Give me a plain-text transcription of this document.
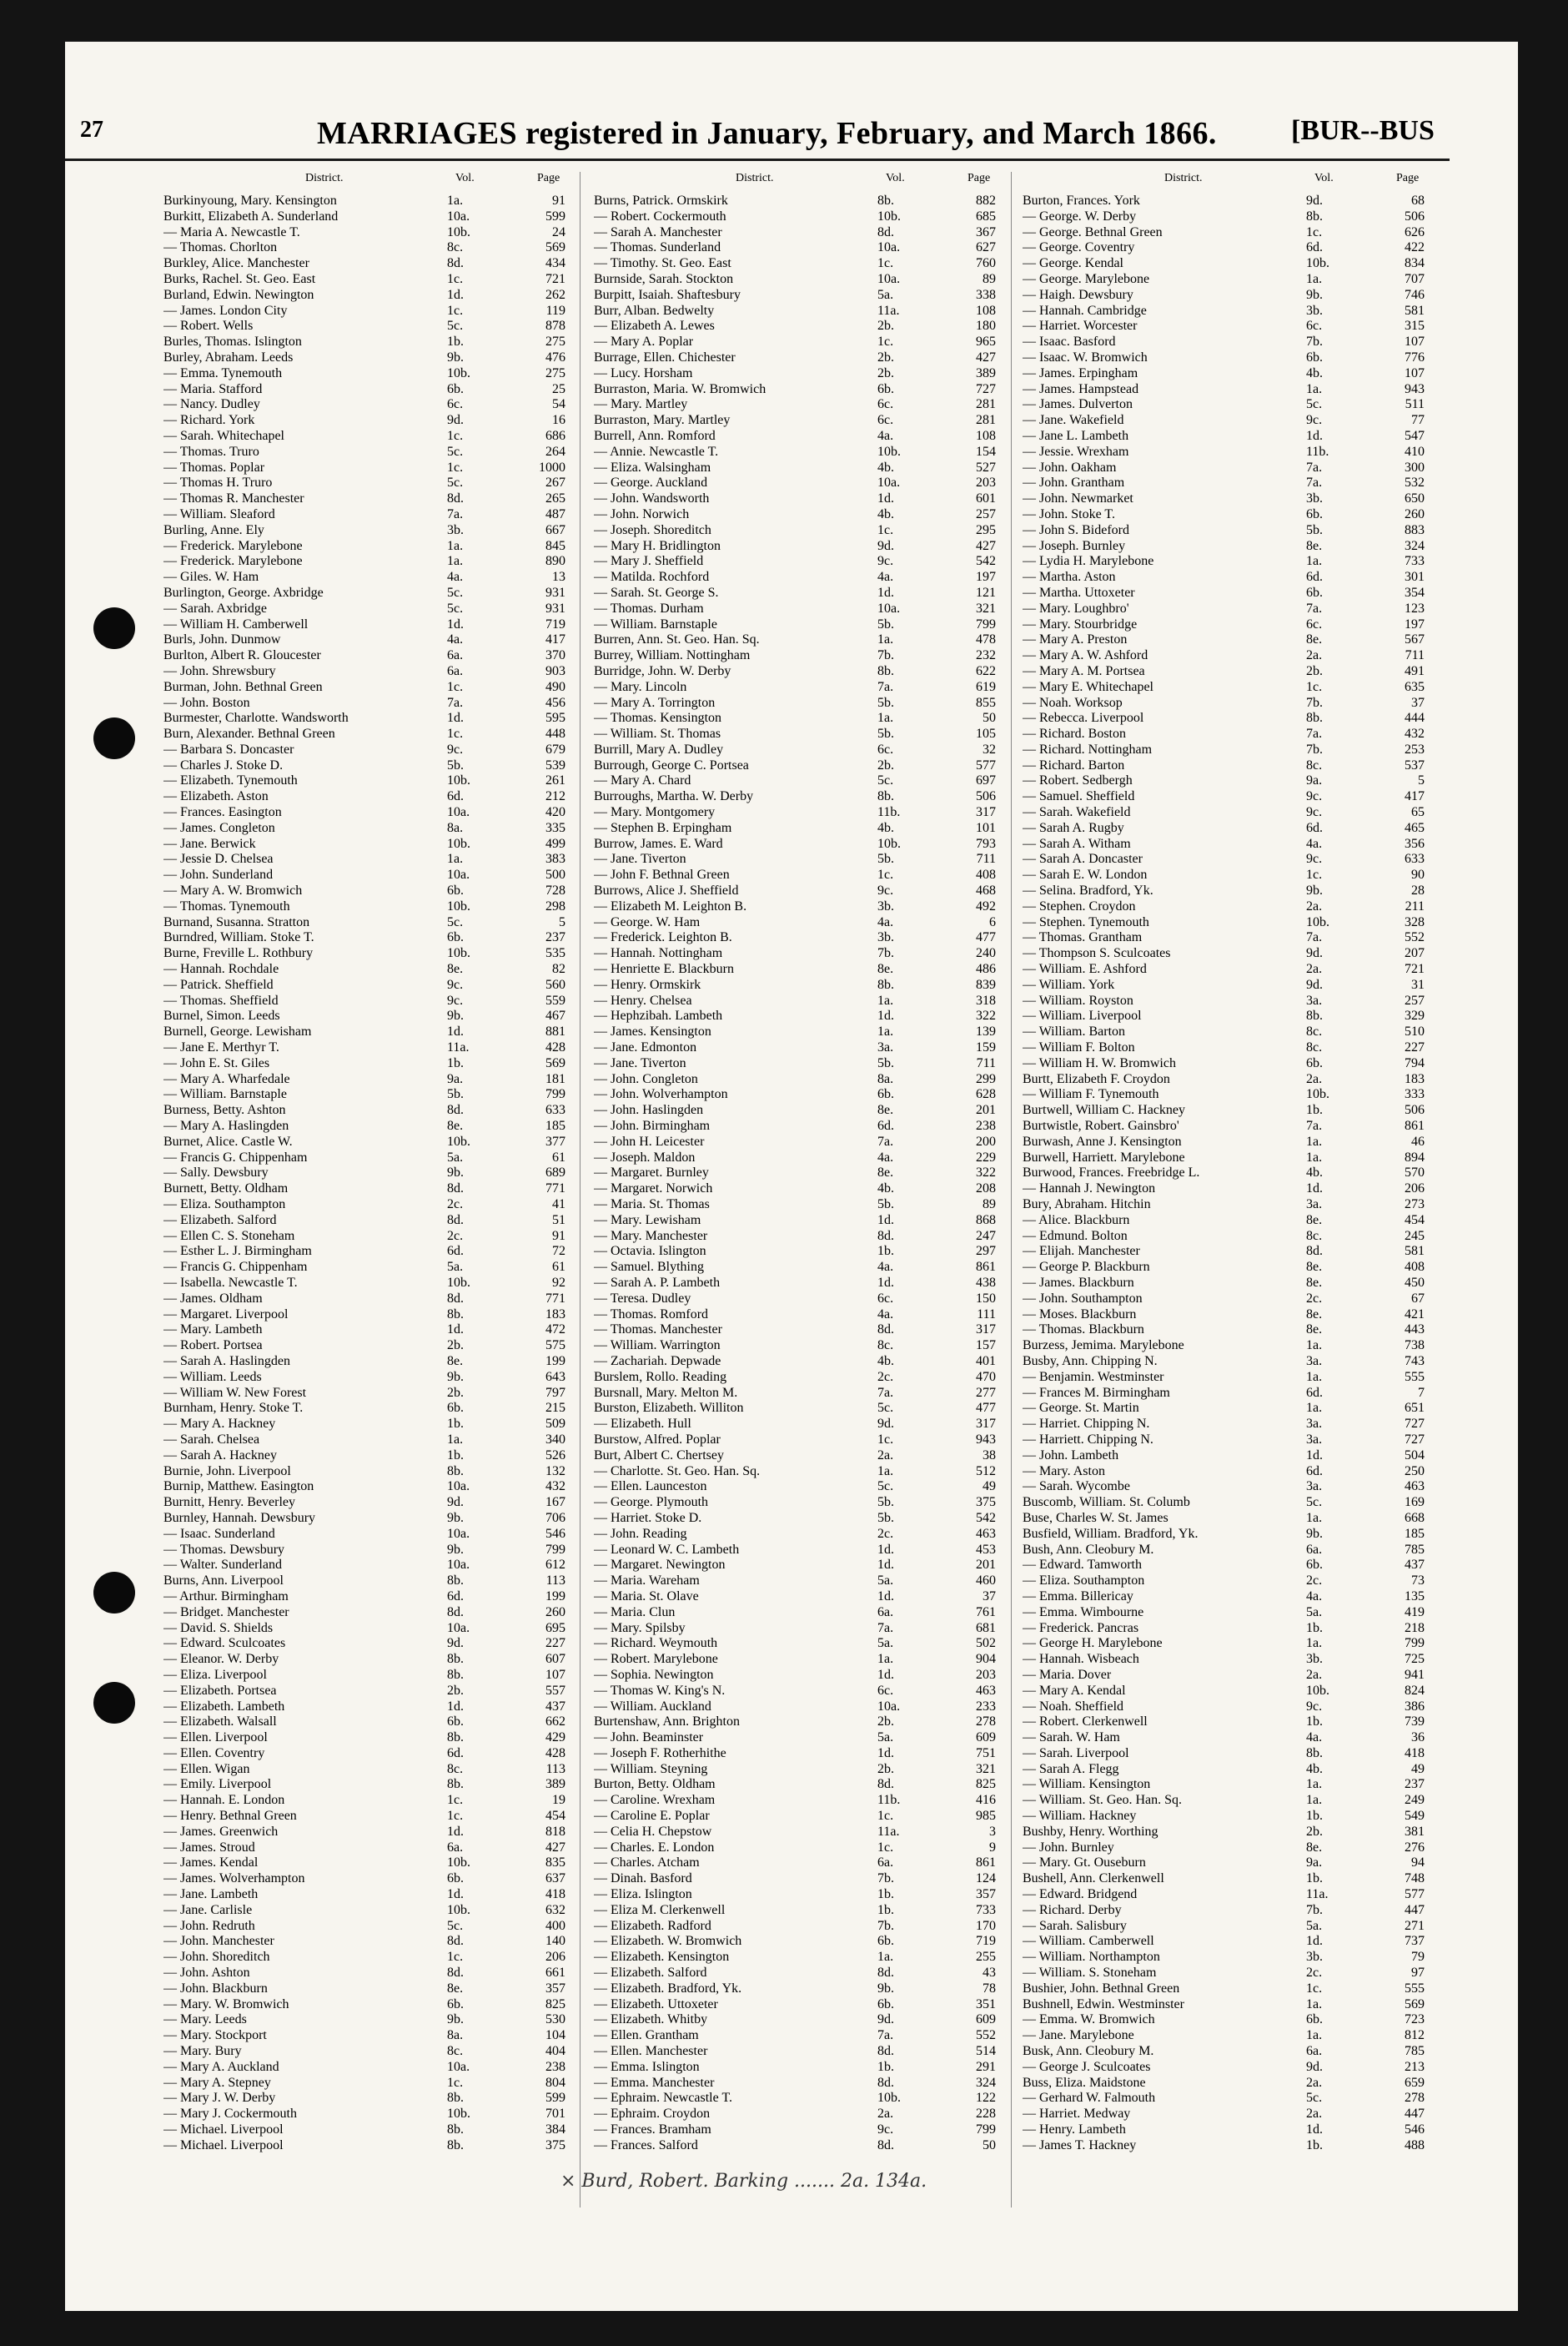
27	MARRIAGES registered in January, February, and March 1866.	[BUR--BUS
District.	Vol.	Page
Burkinyoung, Mary. Kensington	1a.	91
Burkitt, Elizabeth A. Sunderland	10a.	599
— Maria A. Newcastle T.	10b.	24
— Thomas. Chorlton	8c.	569
Burkley, Alice. Manchester	8d.	434
Burks, Rachel. St. Geo. East	1c.	721
Burland, Edwin. Newington	1d.	262
— James. London City	1c.	119
— Robert. Wells	5c.	878
Burles, Thomas. Islington	1b.	275
Burley, Abraham. Leeds	9b.	476
— Emma. Tynemouth	10b.	275
— Maria. Stafford	6b.	25
— Nancy. Dudley	6c.	54
— Richard. York	9d.	16
— Sarah. Whitechapel	1c.	686
— Thomas. Truro	5c.	264
— Thomas. Poplar	1c.	1000
— Thomas H. Truro	5c.	267
— Thomas R. Manchester	8d.	265
— William. Sleaford	7a.	487
Burling, Anne. Ely	3b.	667
— Frederick. Marylebone	1a.	845
— Frederick. Marylebone	1a.	890
— Giles. W. Ham	4a.	13
Burlington, George. Axbridge	5c.	931
— Sarah. Axbridge	5c.	931
— William H. Camberwell	1d.	719
Burls, John. Dunmow	4a.	417
Burlton, Albert R. Gloucester	6a.	370
— John. Shrewsbury	6a.	903
Burman, John. Bethnal Green	1c.	490
— John. Boston	7a.	456
Burmester, Charlotte. Wandsworth	1d.	595
Burn, Alexander. Bethnal Green	1c.	448
— Barbara S. Doncaster	9c.	679
— Charles J. Stoke D.	5b.	539
— Elizabeth. Tynemouth	10b.	261
— Elizabeth. Aston	6d.	212
— Frances. Easington	10a.	420
— James. Congleton	8a.	335
— Jane. Berwick	10b.	499
— Jessie D. Chelsea	1a.	383
— John. Sunderland	10a.	500
— Mary A. W. Bromwich	6b.	728
— Thomas. Tynemouth	10b.	298
Burnand, Susanna. Stratton	5c.	5
Burndred, William. Stoke T.	6b.	237
Burne, Freville L. Rothbury	10b.	535
— Hannah. Rochdale	8e.	82
— Patrick. Sheffield	9c.	560
— Thomas. Sheffield	9c.	559
Burnel, Simon. Leeds	9b.	467
Burnell, George. Lewisham	1d.	881
— Jane E. Merthyr T.	11a.	428
— John E. St. Giles	1b.	569
— Mary A. Wharfedale	9a.	181
— William. Barnstaple	5b.	799
Burness, Betty. Ashton	8d.	633
— Mary A. Haslingden	8e.	185
Burnet, Alice. Castle W.	10b.	377
— Francis G. Chippenham	5a.	61
— Sally. Dewsbury	9b.	689
Burnett, Betty. Oldham	8d.	771
— Eliza. Southampton	2c.	41
— Elizabeth. Salford	8d.	51
— Ellen C. S. Stoneham	2c.	91
— Esther L. J. Birmingham	6d.	72
— Francis G. Chippenham	5a.	61
— Isabella. Newcastle T.	10b.	92
— James. Oldham	8d.	771
— Margaret. Liverpool	8b.	183
— Mary. Lambeth	1d.	472
— Robert. Portsea	2b.	575
— Sarah A. Haslingden	8e.	199
— William. Leeds	9b.	643
— William W. New Forest	2b.	797
Burnham, Henry. Stoke T.	6b.	215
— Mary A. Hackney	1b.	509
— Sarah. Chelsea	1a.	340
— Sarah A. Hackney	1b.	526
Burnie, John. Liverpool	8b.	132
Burnip, Matthew. Easington	10a.	432
Burnitt, Henry. Beverley	9d.	167
Burnley, Hannah. Dewsbury	9b.	706
— Isaac. Sunderland	10a.	546
— Thomas. Dewsbury	9b.	799
— Walter. Sunderland	10a.	612
Burns, Ann. Liverpool	8b.	113
— Arthur. Birmingham	6d.	199
— Bridget. Manchester	8d.	260
— David. S. Shields	10a.	695
— Edward. Sculcoates	9d.	227
— Eleanor. W. Derby	8b.	607
— Eliza. Liverpool	8b.	107
— Elizabeth. Portsea	2b.	557
— Elizabeth. Lambeth	1d.	437
— Elizabeth. Walsall	6b.	662
— Ellen. Liverpool	8b.	429
— Ellen. Coventry	6d.	428
— Ellen. Wigan	8c.	113
— Emily. Liverpool	8b.	389
— Hannah. E. London	1c.	19
— Henry. Bethnal Green	1c.	454
— James. Greenwich	1d.	818
— James. Stroud	6a.	427
— James. Kendal	10b.	835
— James. Wolverhampton	6b.	637
— Jane. Lambeth	1d.	418
— Jane. Carlisle	10b.	632
— John. Redruth	5c.	400
— John. Manchester	8d.	140
— John. Shoreditch	1c.	206
— John. Ashton	8d.	661
— John. Blackburn	8e.	357
— Mary. W. Bromwich	6b.	825
— Mary. Leeds	9b.	530
— Mary. Stockport	8a.	104
— Mary. Bury	8c.	404
— Mary A. Auckland	10a.	238
— Mary A. Stepney	1c.	804
— Mary J. W. Derby	8b.	599
— Mary J. Cockermouth	10b.	701
— Michael. Liverpool	8b.	384
— Michael. Liverpool	8b.	375
District.	Vol.	Page
Burns, Patrick. Ormskirk	8b.	882
— Robert. Cockermouth	10b.	685
— Sarah A. Manchester	8d.	367
— Thomas. Sunderland	10a.	627
— Timothy. St. Geo. East	1c.	760
Burnside, Sarah. Stockton	10a.	89
Burpitt, Isaiah. Shaftesbury	5a.	338
Burr, Alban. Bedwelty	11a.	108
— Elizabeth A. Lewes	2b.	180
— Mary A. Poplar	1c.	965
Burrage, Ellen. Chichester	2b.	427
— Lucy. Horsham	2b.	389
Burraston, Maria. W. Bromwich	6b.	727
— Mary. Martley	6c.	281
Burraston, Mary. Martley	6c.	281
Burrell, Ann. Romford	4a.	108
— Annie. Newcastle T.	10b.	154
— Eliza. Walsingham	4b.	527
— George. Auckland	10a.	203
— John. Wandsworth	1d.	601
— John. Norwich	4b.	257
— Joseph. Shoreditch	1c.	295
— Mary H. Bridlington	9d.	427
— Mary J. Sheffield	9c.	542
— Matilda. Rochford	4a.	197
— Sarah. St. George S.	1d.	121
— Thomas. Durham	10a.	321
— William. Barnstaple	5b.	799
Burren, Ann. St. Geo. Han. Sq.	1a.	478
Burrey, William. Nottingham	7b.	232
Burridge, John. W. Derby	8b.	622
— Mary. Lincoln	7a.	619
— Mary A. Torrington	5b.	855
— Thomas. Kensington	1a.	50
— William. St. Thomas	5b.	105
Burrill, Mary A. Dudley	6c.	32
Burrough, George C. Portsea	2b.	577
— Mary A. Chard	5c.	697
Burroughs, Martha. W. Derby	8b.	506
— Mary. Montgomery	11b.	317
— Stephen B. Erpingham	4b.	101
Burrow, James. E. Ward	10b.	793
— Jane. Tiverton	5b.	711
— John F. Bethnal Green	1c.	408
Burrows, Alice J. Sheffield	9c.	468
— Elizabeth M. Leighton B.	3b.	492
— George. W. Ham	4a.	6
— Frederick. Leighton B.	3b.	477
— Hannah. Nottingham	7b.	240
— Henriette E. Blackburn	8e.	486
— Henry. Ormskirk	8b.	839
— Henry. Chelsea	1a.	318
— Hephzibah. Lambeth	1d.	322
— James. Kensington	1a.	139
— Jane. Edmonton	3a.	159
— Jane. Tiverton	5b.	711
— John. Congleton	8a.	299
— John. Wolverhampton	6b.	628
— John. Haslingden	8e.	201
— John. Birmingham	6d.	238
— John H. Leicester	7a.	200
— Joseph. Maldon	4a.	229
— Margaret. Burnley	8e.	322
— Margaret. Norwich	4b.	208
— Maria. St. Thomas	5b.	89
— Mary. Lewisham	1d.	868
— Mary. Manchester	8d.	247
— Octavia. Islington	1b.	297
— Samuel. Blything	4a.	861
— Sarah A. P. Lambeth	1d.	438
— Teresa. Dudley	6c.	150
— Thomas. Romford	4a.	111
— Thomas. Manchester	8d.	317
— William. Warrington	8c.	157
— Zachariah. Depwade	4b.	401
Burslem, Rollo. Reading	2c.	470
Bursnall, Mary. Melton M.	7a.	277
Burston, Elizabeth. Williton	5c.	477
— Elizabeth. Hull	9d.	317
Burstow, Alfred. Poplar	1c.	943
Burt, Albert C. Chertsey	2a.	38
— Charlotte. St. Geo. Han. Sq.	1a.	512
— Ellen. Launceston	5c.	49
— George. Plymouth	5b.	375
— Harriet. Stoke D.	5b.	542
— John. Reading	2c.	463
— Leonard W. C. Lambeth	1d.	453
— Margaret. Newington	1d.	201
— Maria. Wareham	5a.	460
— Maria. St. Olave	1d.	37
— Maria. Clun	6a.	761
— Mary. Spilsby	7a.	681
— Richard. Weymouth	5a.	502
— Robert. Marylebone	1a.	904
— Sophia. Newington	1d.	203
— Thomas W. King's N.	6c.	463
— William. Auckland	10a.	233
Burtenshaw, Ann. Brighton	2b.	278
— John. Beaminster	5a.	609
— Joseph F. Rotherhithe	1d.	751
— William. Steyning	2b.	321
Burton, Betty. Oldham	8d.	825
— Caroline. Wrexham	11b.	416
— Caroline E. Poplar	1c.	985
— Celia H. Chepstow	11a.	3
— Charles. E. London	1c.	9
— Charles. Atcham	6a.	861
— Dinah. Basford	7b.	124
— Eliza. Islington	1b.	357
— Eliza M. Clerkenwell	1b.	733
— Elizabeth. Radford	7b.	170
— Elizabeth. W. Bromwich	6b.	719
— Elizabeth. Kensington	1a.	255
— Elizabeth. Salford	8d.	43
— Elizabeth. Bradford, Yk.	9b.	78
— Elizabeth. Uttoxeter	6b.	351
— Elizabeth. Whitby	9d.	609
— Ellen. Grantham	7a.	552
— Ellen. Manchester	8d.	514
— Emma. Islington	1b.	291
— Emma. Manchester	8d.	324
— Ephraim. Newcastle T.	10b.	122
— Ephraim. Croydon	2a.	228
— Frances. Bramham	9c.	799
— Frances. Salford	8d.	50
District.	Vol.	Page
Burton, Frances. York	9d.	68
— George. W. Derby	8b.	506
— George. Bethnal Green	1c.	626
— George. Coventry	6d.	422
— George. Kendal	10b.	834
— George. Marylebone	1a.	707
— Haigh. Dewsbury	9b.	746
— Hannah. Cambridge	3b.	581
— Harriet. Worcester	6c.	315
— Isaac. Basford	7b.	107
— Isaac. W. Bromwich	6b.	776
— James. Erpingham	4b.	107
— James. Hampstead	1a.	943
— James. Dulverton	5c.	511
— Jane. Wakefield	9c.	77
— Jane L. Lambeth	1d.	547
— Jessie. Wrexham	11b.	410
— John. Oakham	7a.	300
— John. Grantham	7a.	532
— John. Newmarket	3b.	650
— John. Stoke T.	6b.	260
— John S. Bideford	5b.	883
— Joseph. Burnley	8e.	324
— Lydia H. Marylebone	1a.	733
— Martha. Aston	6d.	301
— Martha. Uttoxeter	6b.	354
— Mary. Loughbro'	7a.	123
— Mary. Stourbridge	6c.	197
— Mary A. Preston	8e.	567
— Mary A. W. Ashford	2a.	711
— Mary A. M. Portsea	2b.	491
— Mary E. Whitechapel	1c.	635
— Noah. Worksop	7b.	37
— Rebecca. Liverpool	8b.	444
— Richard. Boston	7a.	432
— Richard. Nottingham	7b.	253
— Richard. Barton	8c.	537
— Robert. Sedbergh	9a.	5
— Samuel. Sheffield	9c.	417
— Sarah. Wakefield	9c.	65
— Sarah A. Rugby	6d.	465
— Sarah A. Witham	4a.	356
— Sarah A. Doncaster	9c.	633
— Sarah E. W. London	1c.	90
— Selina. Bradford, Yk.	9b.	28
— Stephen. Croydon	2a.	211
— Stephen. Tynemouth	10b.	328
— Thomas. Grantham	7a.	552
— Thompson S. Sculcoates	9d.	207
— William. E. Ashford	2a.	721
— William. York	9d.	31
— William. Royston	3a.	257
— William. Liverpool	8b.	329
— William. Barton	8c.	510
— William F. Bolton	8c.	227
— William H. W. Bromwich	6b.	794
Burtt, Elizabeth F. Croydon	2a.	183
— William F. Tynemouth	10b.	333
Burtwell, William C. Hackney	1b.	506
Burtwistle, Robert. Gainsbro'	7a.	861
Burwash, Anne J. Kensington	1a.	46
Burwell, Harriett. Marylebone	1a.	894
Burwood, Frances. Freebridge L.	4b.	570
— Hannah J. Newington	1d.	206
Bury, Abraham. Hitchin	3a.	273
— Alice. Blackburn	8e.	454
— Edmund. Bolton	8c.	245
— Elijah. Manchester	8d.	581
— George P. Blackburn	8e.	408
— James. Blackburn	8e.	450
— John. Southampton	2c.	67
— Moses. Blackburn	8e.	421
— Thomas. Blackburn	8e.	443
Burzess, Jemima. Marylebone	1a.	738
Busby, Ann. Chipping N.	3a.	743
— Benjamin. Westminster	1a.	555
— Frances M. Birmingham	6d.	7
— George. St. Martin	1a.	651
— Harriet. Chipping N.	3a.	727
— Harriett. Chipping N.	3a.	727
— John. Lambeth	1d.	504
— Mary. Aston	6d.	250
— Sarah. Wycombe	3a.	463
Buscomb, William. St. Columb	5c.	169
Buse, Charles W. St. James	1a.	668
Busfield, William. Bradford, Yk.	9b.	185
Bush, Ann. Cleobury M.	6a.	785
— Edward. Tamworth	6b.	437
— Eliza. Southampton	2c.	73
— Emma. Billericay	4a.	135
— Emma. Wimbourne	5a.	419
— Frederick. Pancras	1b.	218
— George H. Marylebone	1a.	799
— Hannah. Wisbeach	3b.	725
— Maria. Dover	2a.	941
— Mary A. Kendal	10b.	824
— Noah. Sheffield	9c.	386
— Robert. Clerkenwell	1b.	739
— Sarah. W. Ham	4a.	36
— Sarah. Liverpool	8b.	418
— Sarah A. Flegg	4b.	49
— William. Kensington	1a.	237
— William. St. Geo. Han. Sq.	1a.	249
— William. Hackney	1b.	549
Bushby, Henry. Worthing	2b.	381
— John. Burnley	8e.	276
— Mary. Gt. Ouseburn	9a.	94
Bushell, Ann. Clerkenwell	1b.	748
— Edward. Bridgend	11a.	577
— Richard. Derby	7b.	447
— Sarah. Salisbury	5a.	271
— William. Camberwell	1d.	737
— William. Northampton	3b.	79
— William. S. Stoneham	2c.	97
Bushier, John. Bethnal Green	1c.	555
Bushnell, Edwin. Westminster	1a.	569
— Emma. W. Bromwich	6b.	723
— Jane. Marylebone	1a.	812
Busk, Ann. Cleobury M.	6a.	785
— George J. Sculcoates	9d.	213
Buss, Eliza. Maidstone	2a.	659
— Gerhard W. Falmouth	5c.	278
— Harriet. Medway	2a.	447
— Henry. Lambeth	1d.	546
— James T. Hackney	1b.	488
× Burd, Robert. Barking ....... 2a. 134a.
